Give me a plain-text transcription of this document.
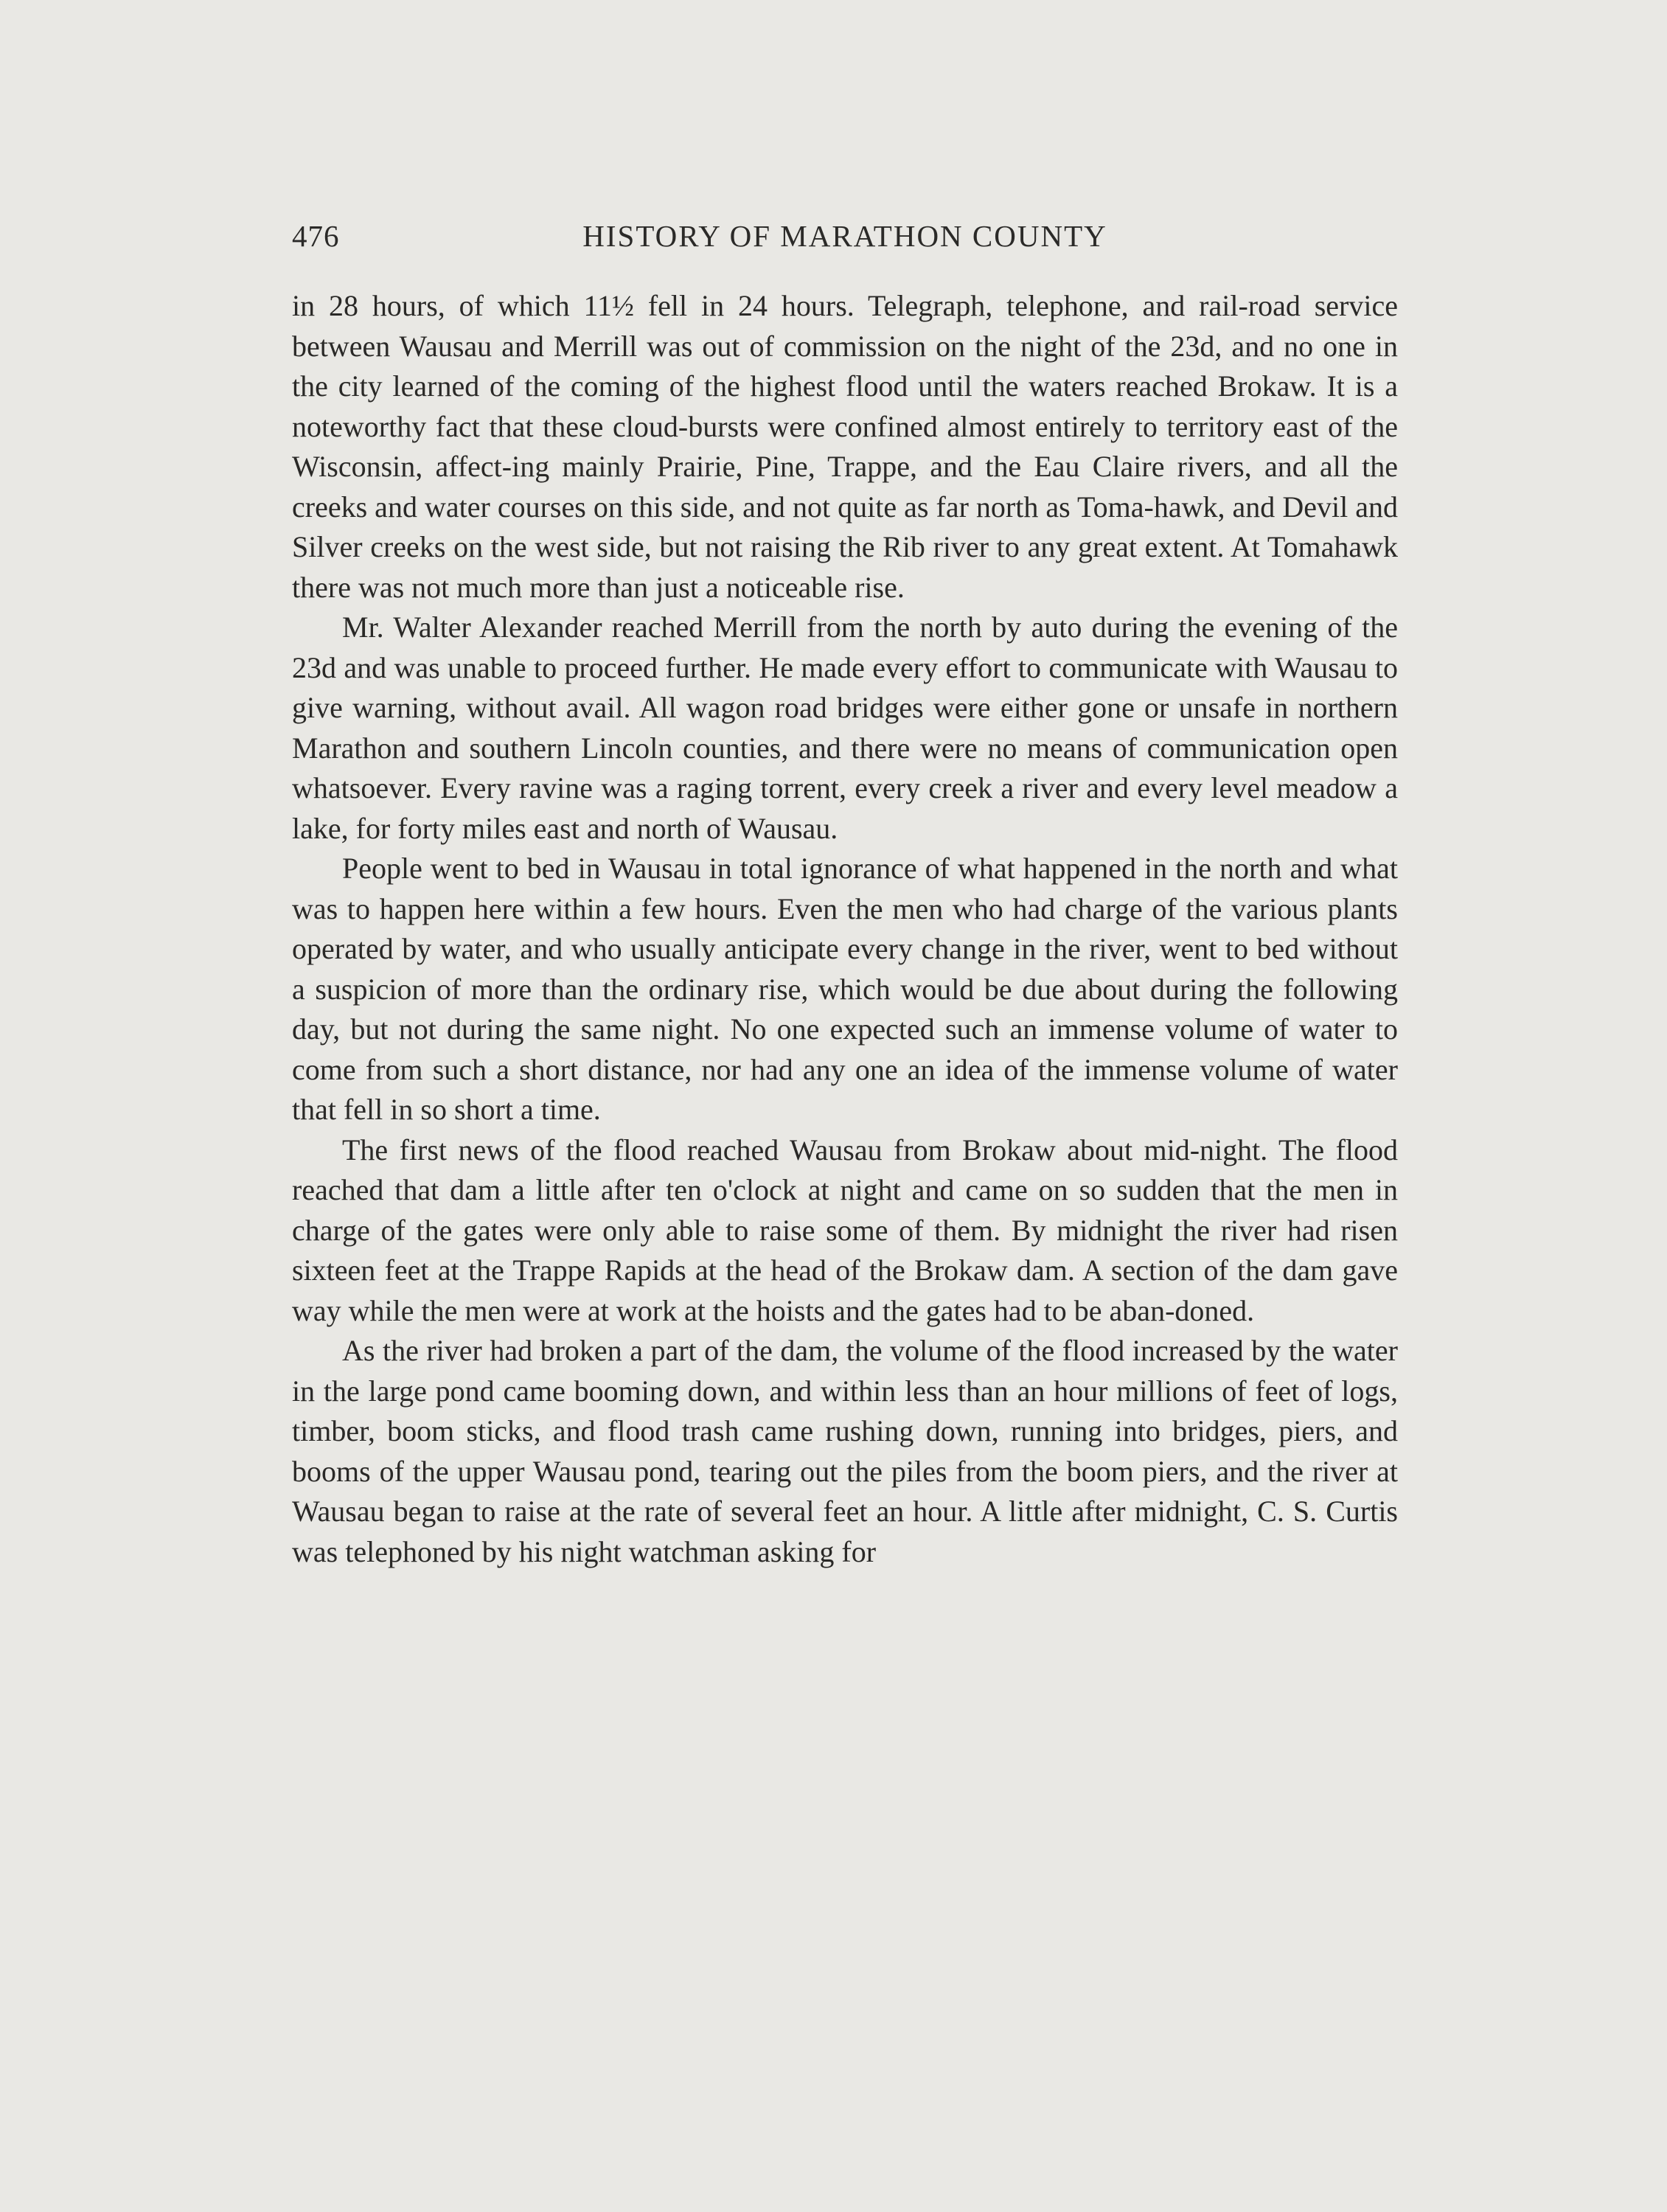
476	HISTORY OF MARATHON COUNTY

in 28 hours, of which 11½ fell in 24 hours. Telegraph, telephone, and rail-road service between Wausau and Merrill was out of commission on the night of the 23d, and no one in the city learned of the coming of the highest flood until the waters reached Brokaw. It is a noteworthy fact that these cloud-bursts were confined almost entirely to territory east of the Wisconsin, affect-ing mainly Prairie, Pine, Trappe, and the Eau Claire rivers, and all the creeks and water courses on this side, and not quite as far north as Toma-hawk, and Devil and Silver creeks on the west side, but not raising the Rib river to any great extent. At Tomahawk there was not much more than just a noticeable rise.

Mr. Walter Alexander reached Merrill from the north by auto during the evening of the 23d and was unable to proceed further. He made every effort to communicate with Wausau to give warning, without avail. All wagon road bridges were either gone or unsafe in northern Marathon and southern Lincoln counties, and there were no means of communication open whatsoever. Every ravine was a raging torrent, every creek a river and every level meadow a lake, for forty miles east and north of Wausau.

People went to bed in Wausau in total ignorance of what happened in the north and what was to happen here within a few hours. Even the men who had charge of the various plants operated by water, and who usually anticipate every change in the river, went to bed without a suspicion of more than the ordinary rise, which would be due about during the following day, but not during the same night. No one expected such an immense volume of water to come from such a short distance, nor had any one an idea of the immense volume of water that fell in so short a time.

The first news of the flood reached Wausau from Brokaw about mid-night. The flood reached that dam a little after ten o'clock at night and came on so sudden that the men in charge of the gates were only able to raise some of them. By midnight the river had risen sixteen feet at the Trappe Rapids at the head of the Brokaw dam. A section of the dam gave way while the men were at work at the hoists and the gates had to be aban-doned.

As the river had broken a part of the dam, the volume of the flood increased by the water in the large pond came booming down, and within less than an hour millions of feet of logs, timber, boom sticks, and flood trash came rushing down, running into bridges, piers, and booms of the upper Wausau pond, tearing out the piles from the boom piers, and the river at Wausau began to raise at the rate of several feet an hour. A little after midnight, C. S. Curtis was telephoned by his night watchman asking for
